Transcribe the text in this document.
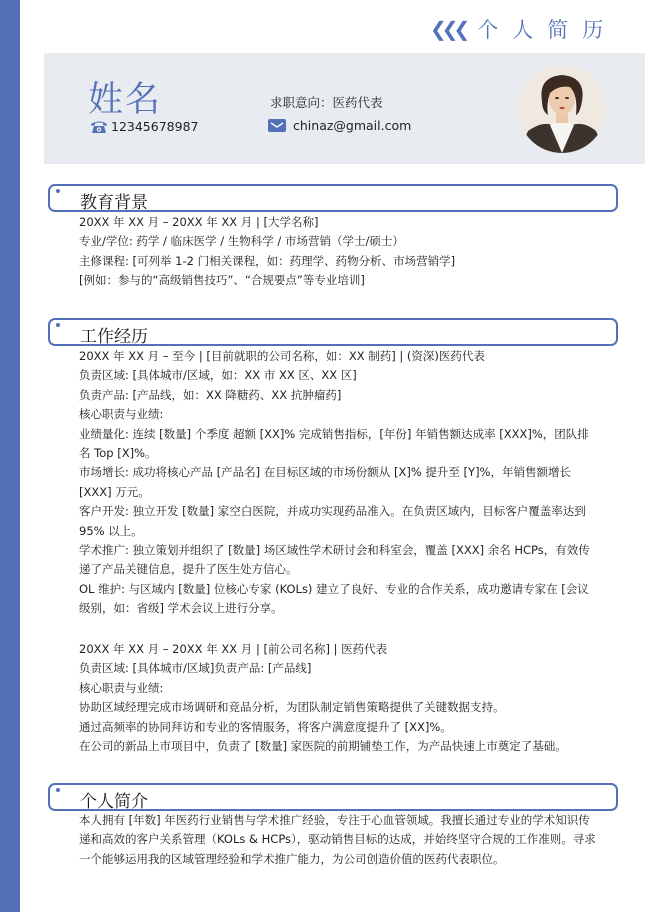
❮❮❮ 个人简历
姓名
12345678987
求职意向：医药代表
chinaz@gmail.com
教育背景

20XX 年 XX 月 – 20XX 年 XX 月 | [大学名称]

专业/学位: 药学 / 临床医学 / 生物科学 / 市场营销（学士/硕士）

主修课程: [可列举 1-2 门相关课程，如：药理学、药物分析、市场营销学]

[例如：参与的“高级销售技巧”、“合规要点”等专业培训]

工作经历

20XX 年 XX 月 – 至今 | [目前就职的公司名称，如：XX 制药] | (资深)医药代表

负责区域: [具体城市/区域，如：XX 市 XX 区、XX 区]

负责产品: [产品线，如：XX 降糖药、XX 抗肿瘤药]

核心职责与业绩:

业绩量化: 连续 [数量] 个季度 超额 [XX]% 完成销售指标，[年份] 年销售额达成率 [XXX]%，团队排名 Top [X]%。

市场增长: 成功将核心产品 [产品名] 在目标区域的市场份额从 [X]% 提升至 [Y]%，年销售额增长 [XXX] 万元。

客户开发: 独立开发 [数量] 家空白医院，并成功实现药品准入。在负责区域内，目标客户覆盖率达到 95% 以上。

学术推广: 独立策划并组织了 [数量] 场区域性学术研讨会和科室会，覆盖 [XXX] 余名 HCPs，有效传递了产品关键信息，提升了医生处方信心。

OL 维护: 与区域内 [数量] 位核心专家 (KOLs) 建立了良好、专业的合作关系，成功邀请专家在 [会议级别，如：省级] 学术会议上进行分享。

20XX 年 XX 月 – 20XX 年 XX 月 | [前公司名称] | 医药代表

负责区域: [具体城市/区域]负责产品: [产品线]

核心职责与业绩:

协助区域经理完成市场调研和竞品分析，为团队制定销售策略提供了关键数据支持。

通过高频率的协同拜访和专业的客情服务，将客户满意度提升了 [XX]%。

在公司的新品上市项目中，负责了 [数量] 家医院的前期铺垫工作，为产品快速上市奠定了基础。

个人简介

本人拥有 [年数] 年医药行业销售与学术推广经验，专注于心血管领域。我擅长通过专业的学术知识传递和高效的客户关系管理（KOLs & HCPs），驱动销售目标的达成，并始终坚守合规的工作准则。寻求一个能够运用我的区域管理经验和学术推广能力，为公司创造价值的医药代表职位。
